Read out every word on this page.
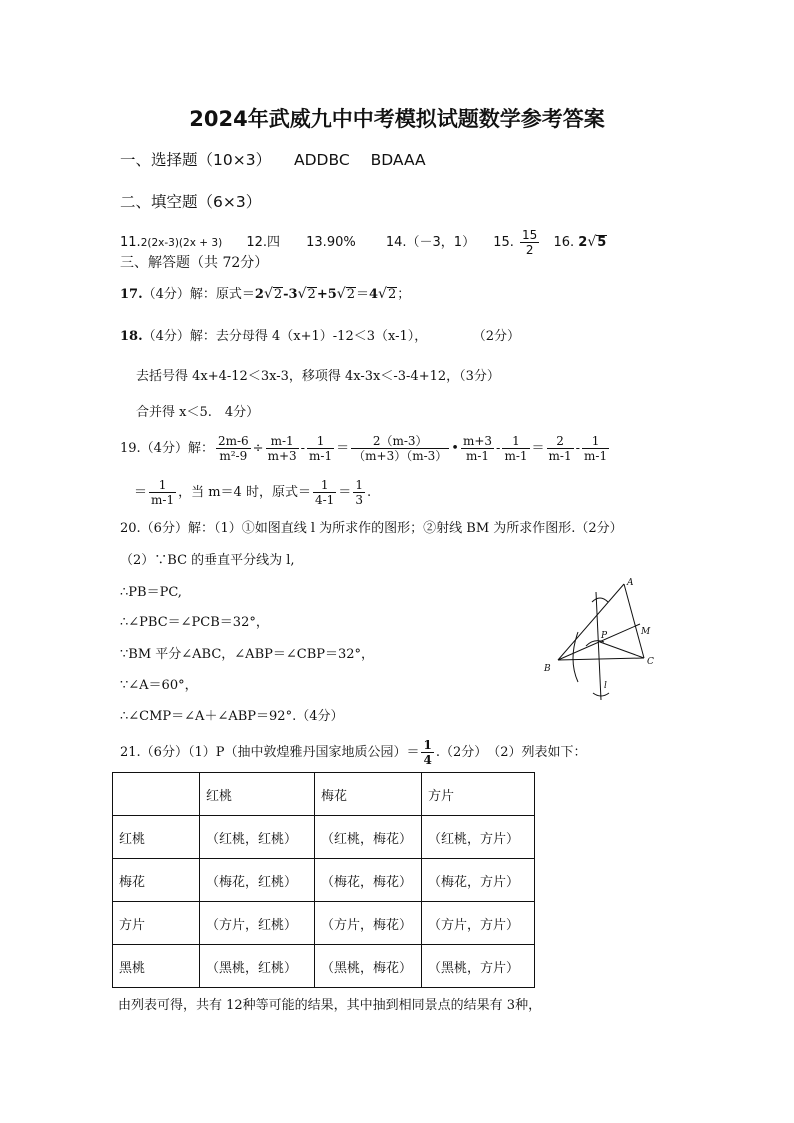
2024年武威九中中考模拟试题数学参考答案
一、选择题（10×3） ADDBC BDAAA
二、填空题（6×3）
11.2(2x-3)(2x + 3) 12.四 13.90% 14.（－3，1） 15. $\frac{15}{2} 16$. 2√5
三、解答题（共 72分）
17.（4分）解：原式＝2√2-3√2+5√2＝4√2；
18.（4分）解：去分母得 4（x+1）-12＜3（x-1），	（2分）
去括号得 4x+4-12＜3x-3，移项得 4x-3x＜-3-4+12，（3分）
合并得 x＜5.　4分）
19.（4分）解： $\frac{2m-6}{\text{m²-9}} \div \frac{m-1}{m+3} - \frac{1}{m-1} = \frac{2(m-3)}{(m+3)(m-3)}$ • $\frac{m+3}{m-1} - \frac{1}{m-1} = \frac{2}{m-1} - \frac{1}{m-1}$
＝ $\frac{1}{m-1}$ ，当 m＝4 时，原式＝ $\frac{1}{4-1} = \frac{1}{3}$ .
20.（6分）解：（1）①如图直线 l 为所求作的图形；②射线 BM 为所求作图形.（2分）
（2）∵BC 的垂直平分线为 l,
∴PB＝PC,
∴∠PBC＝∠PCB＝32°，
∵BM 平分∠ABC，∠ABP＝∠CBP＝32°，
∵∠A＝60°，
∴∠CMP＝∠A＋∠ABP＝92°.（4分）
A
P	M
B
C
l
21.（6分）（1）P（抽中敦煌雅丹国家地质公园）＝ $\frac{1}{4} .(2$分）　（2）列表如下：
	红桃	梅花	方片
红桃	（红桃，红桃）	（红桃，梅花）	（红桃，方片）
梅花	（梅花，红桃）	（梅花，梅花）	（梅花，方片）
方片	（方片，红桃）	（方片，梅花）	（方片，方片）
黑桃	（黑桃，红桃）	（黑桃，梅花）	（黑桃，方片）
由列表可得，共有 12种等可能的结果，其中抽到相同景点的结果有 3种，
